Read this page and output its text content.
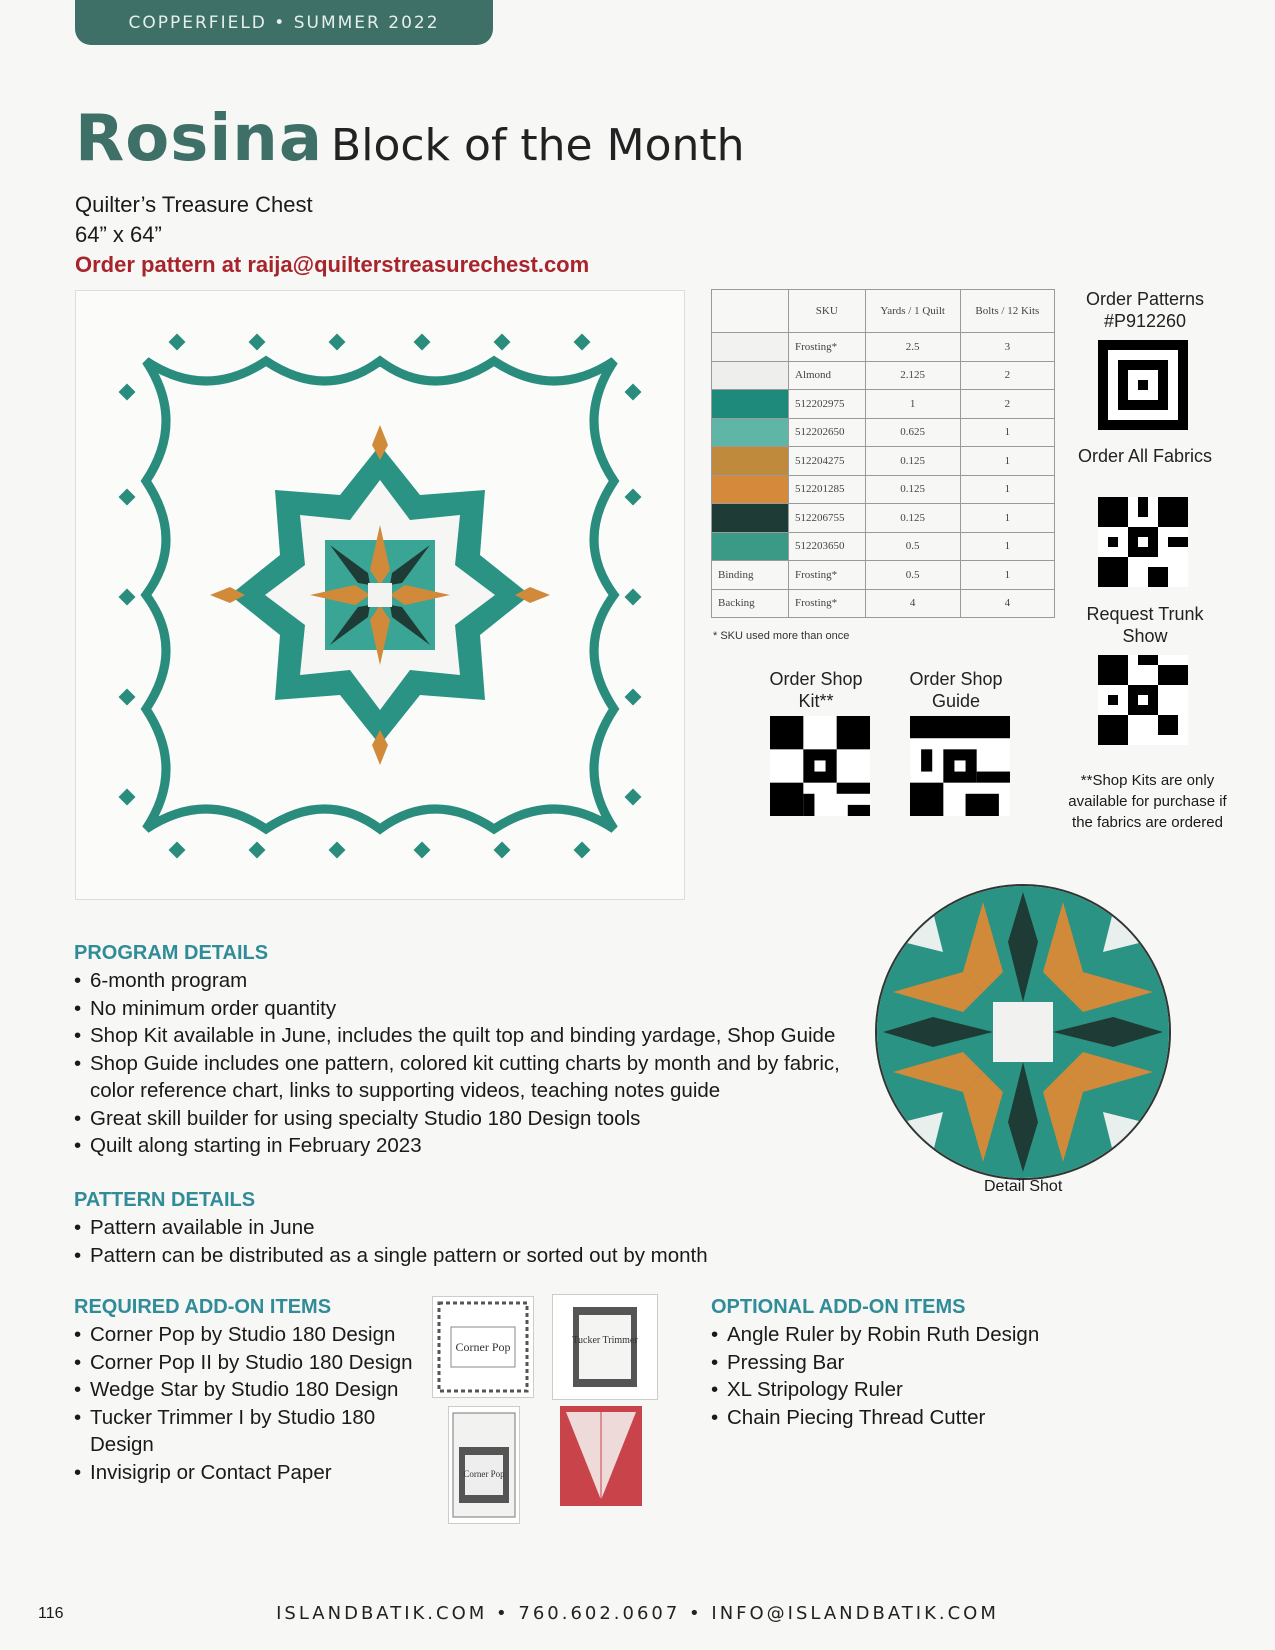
COPPERFIELD • SUMMER 2022
Rosina Block of the Month
Quilter’s Treasure Chest
64” x 64”
Order pattern at raija@quilterstreasurechest.com
	SKU	Yards / 1 Quilt	Bolts / 12 Kits
	Frosting*	2.5	3
	Almond	2.125	2
	512202975	1	2
	512202650	0.625	1
	512204275	0.125	1
	512201285	0.125	1
	512206755	0.125	1
	512203650	0.5	1
Binding	Frosting*	0.5	1
Backing	Frosting*	4	4
* SKU used more than once
Order Patterns #P912260
Order All Fabrics
Request Trunk Show
Order Shop Kit**
Order Shop Guide
**Shop Kits are only available for purchase if the fabrics are ordered
Detail Shot
PROGRAM DETAILS
• 6-month program
• No minimum order quantity
• Shop Kit available in June, includes the quilt top and binding yardage, Shop Guide
• Shop Guide includes one pattern, colored kit cutting charts by month and by fabric, color reference chart, links to supporting videos, teaching notes guide
• Great skill builder for using specialty Studio 180 Design tools
• Quilt along starting in February 2023
PATTERN DETAILS
• Pattern available in June
• Pattern can be distributed as a single pattern or sorted out by month
REQUIRED ADD-ON ITEMS
• Corner Pop by Studio 180 Design
• Corner Pop II by Studio 180 Design
• Wedge Star by Studio 180 Design
• Tucker Trimmer I by Studio 180 Design
• Invisigrip or Contact Paper
Corner Pop	Tucker Trimmer
Corner Pop
OPTIONAL ADD-ON ITEMS
• Angle Ruler by Robin Ruth Design
• Pressing Bar
• XL Stripology Ruler
• Chain Piecing Thread Cutter
116	ISLANDBATIK.COM • 760.602.0607 • INFO@ISLANDBATIK.COM
